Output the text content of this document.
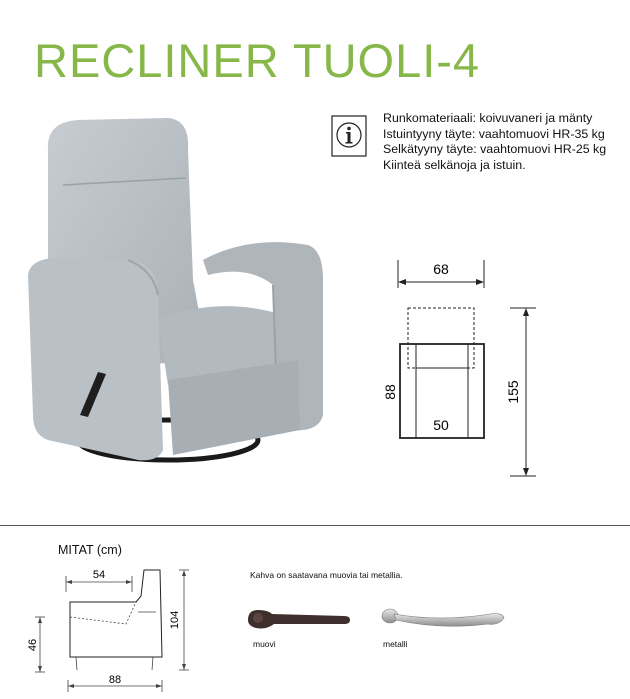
RECLINER TUOLI-4
Runkomateriaali: koivuvaneri ja mänty
Istuintyyny täyte: vaahtomuovi HR-35 kg
Selkätyyny täyte: vaahtomuovi HR-25 kg
Kiinteä selkänoja ja istuin.
68
50
88	155
MITAT (cm)
54
104
46
88
Kahva on saatavana muovia tai metallia.
muovi	metalli
